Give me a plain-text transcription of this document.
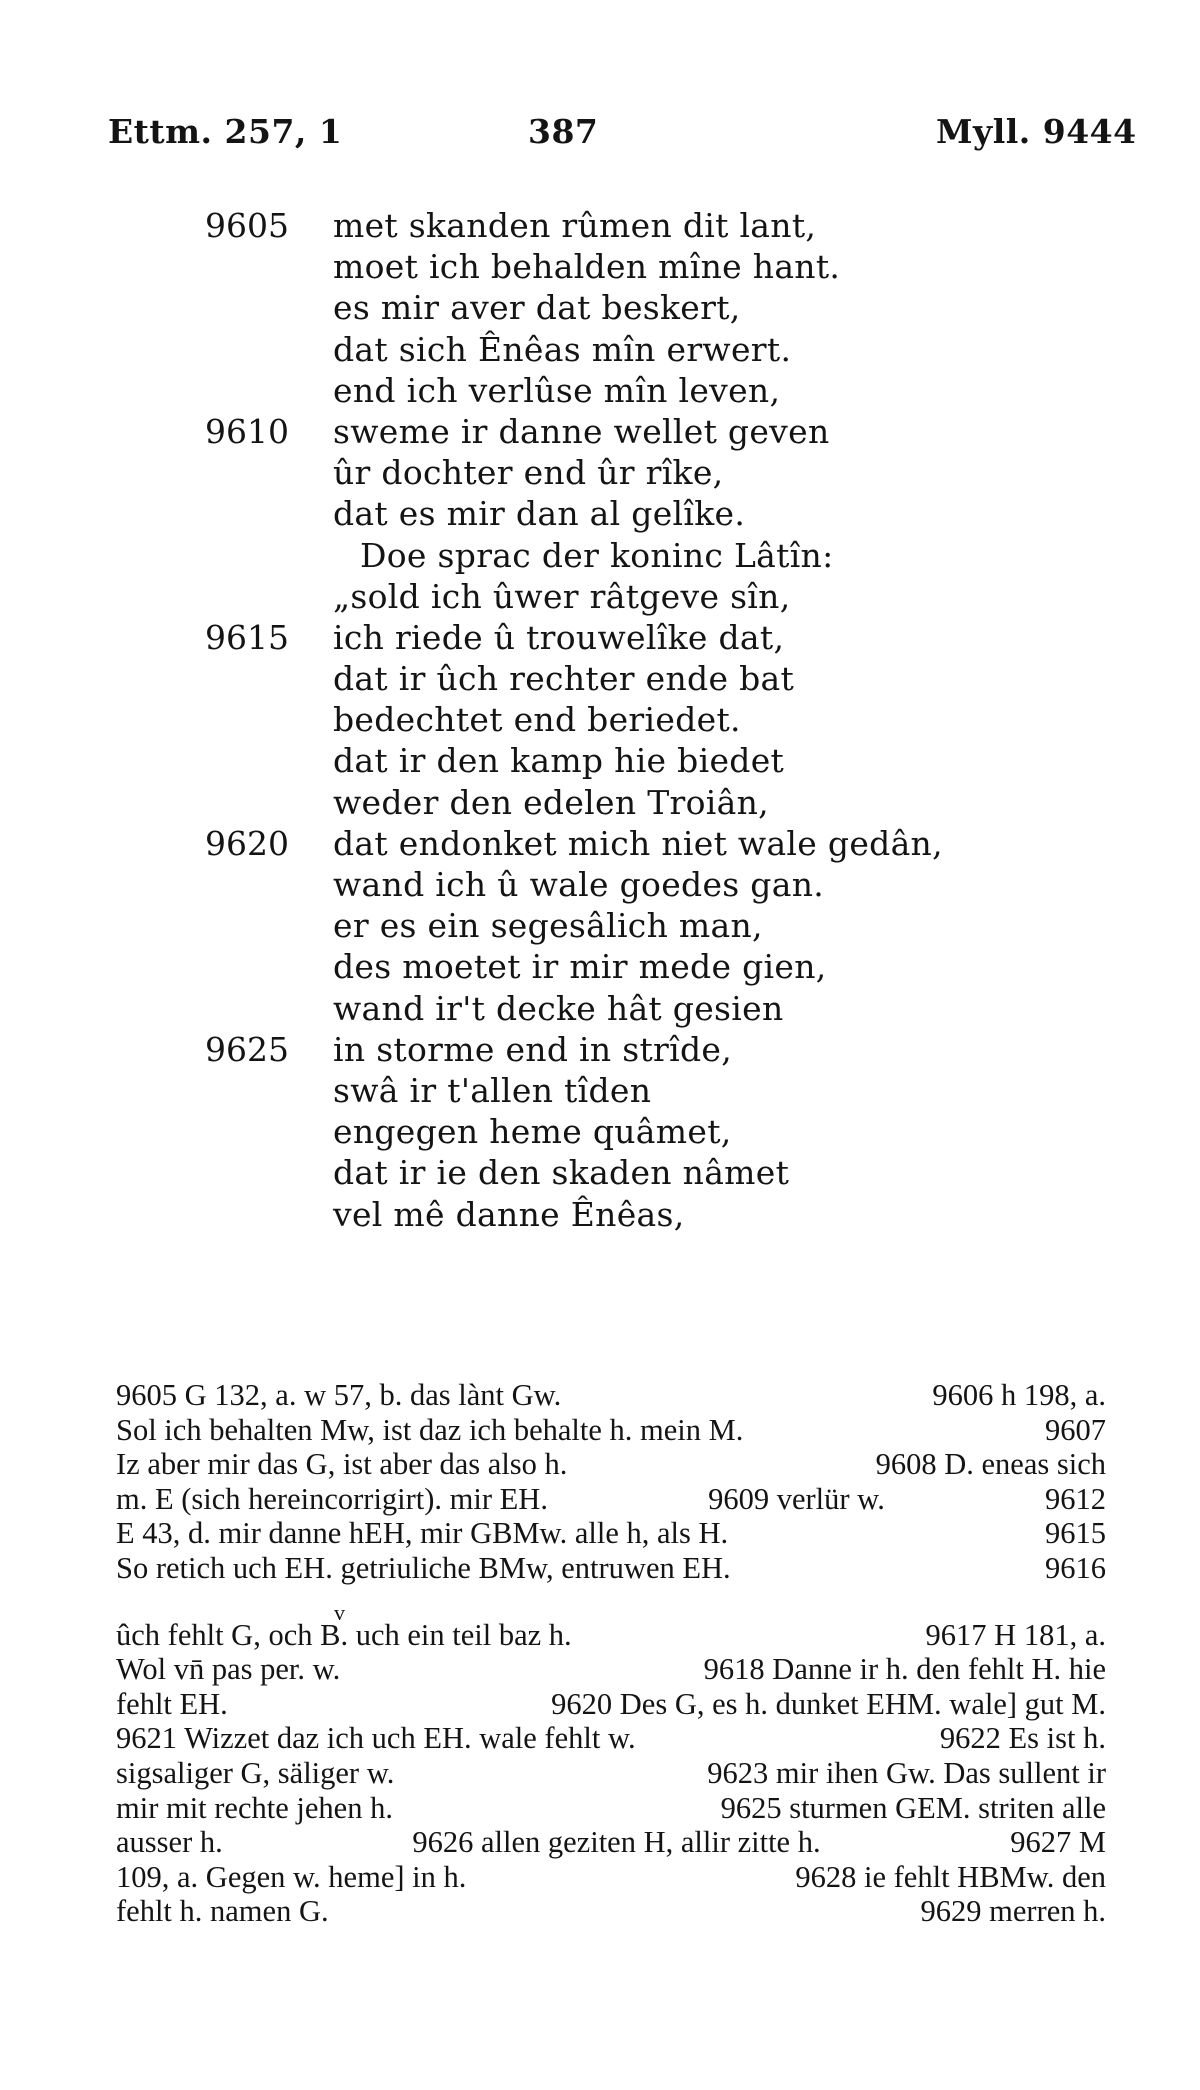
Ettm. 257, 1	387	Myll. 9444
9605 met skanden rûmen dit lant,
moet ich behalden mîne hant.
es mir aver dat beskert,
dat sich Ênêas mîn erwert.
end ich verlûse mîn leven,
9610 sweme ir danne wellet geven
ûr dochter end ûr rîke,
dat es mir dan al gelîke.
Doe sprac der koninc Lâtîn:
„sold ich ûwer râtgeve sîn,
9615 ich riede û trouwelîke dat,
dat ir ûch rechter ende bat
bedechtet end beriedet.
dat ir den kamp hie biedet
weder den edelen Troiân,
9620 dat endonket mich niet wale gedân,
wand ich û wale goedes gan.
er es ein segesâlich man,
des moetet ir mir mede gien,
wand ir't decke hât gesien
9625 in storme end in strîde,
swâ ir t'allen tîden
engegen heme quâmet,
dat ir ie den skaden nâmet
vel mê danne Ênêas,
v
9605 G 132, a. w 57, b. das lànt Gw.	9606 h 198, a.
Sol ich behalten Mw, ist daz ich behalte h. mein M.	9607
Iz aber mir das G, ist aber das also h.	9608 D. eneas sich
m. E (sich hereincorrigirt). mir EH.	9609 verlür w.	9612
E 43, d. mir danne hEH, mir GBMw. alle h, als H.	9615
So retich uch EH. getriuliche BMw, entruwen EH.	9616
ûch fehlt G, och B. uch ein teil baz h.	9617 H 181, a.
Wol vn̄ pas per. w.	9618 Danne ir h. den fehlt H. hie
fehlt EH.	9620 Des G, es h. dunket EHM. wale] gut M.
9621 Wizzet daz ich uch EH. wale fehlt w.	9622 Es ist h.
sigsaliger G, säliger w.	9623 mir ihen Gw. Das sullent ir
mir mit rechte jehen h.	9625 sturmen GEM. striten alle
ausser h.	9626 allen geziten H, allir zitte h.	9627 M
109, a. Gegen w. heme] in h.	9628 ie fehlt HBMw. den
fehlt h. namen G.	9629 merren h.
